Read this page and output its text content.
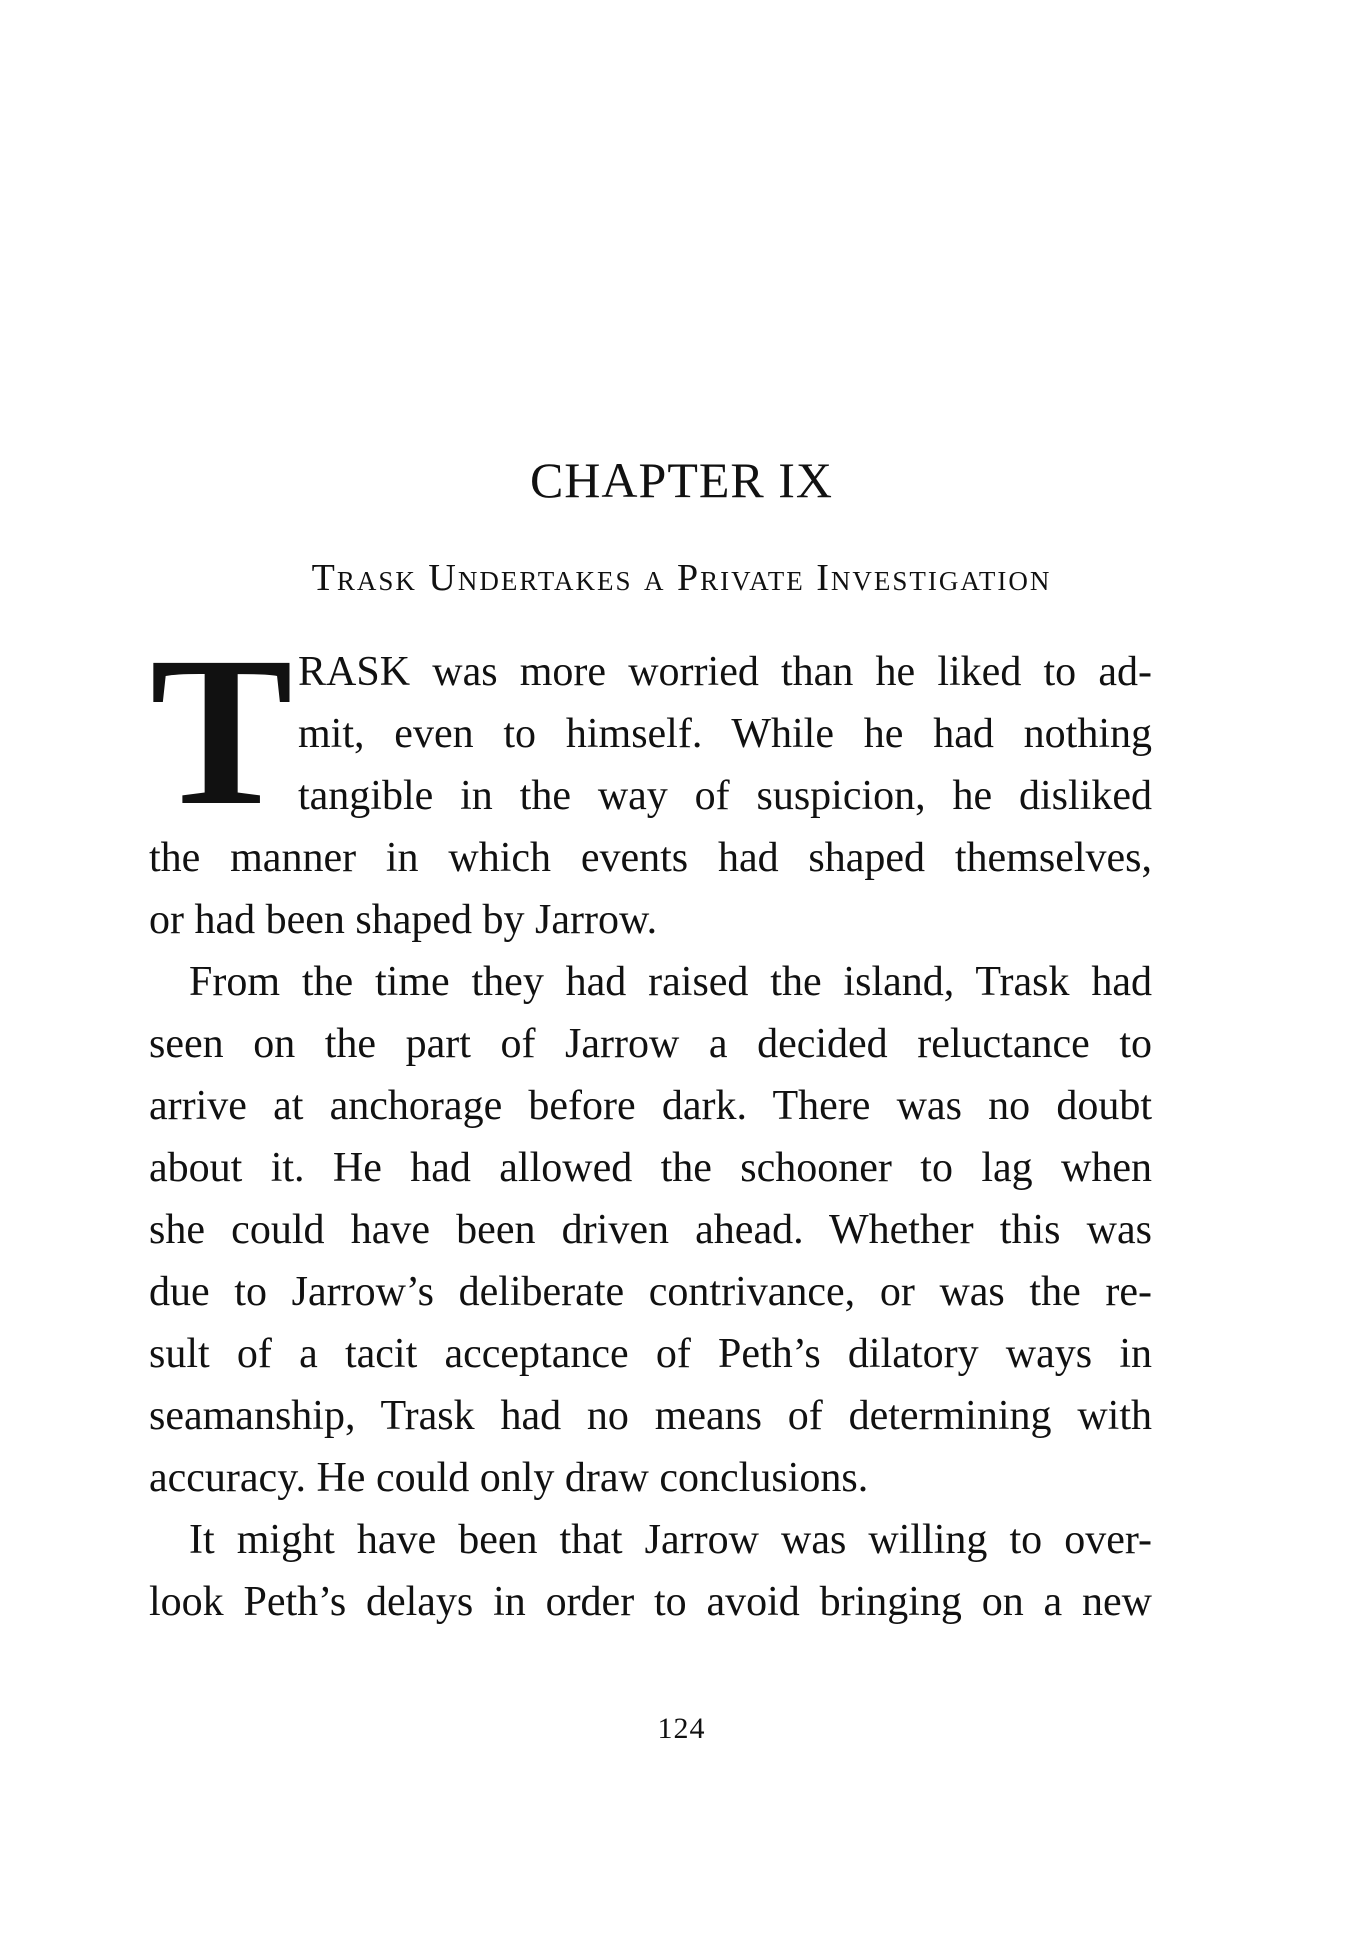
CHAPTER IX
Trask Undertakes a Private Investigation
T RASK was more worried than he liked to ad-
mit, even to himself. While he had nothing
tangible in the way of suspicion, he disliked
the manner in which events had shaped themselves,
or had been shaped by Jarrow.
From the time they had raised the island, Trask had
seen on the part of Jarrow a decided reluctance to
arrive at anchorage before dark. There was no doubt
about it. He had allowed the schooner to lag when
she could have been driven ahead. Whether this was
due to Jarrow’s deliberate contrivance, or was the re-
sult of a tacit acceptance of Peth’s dilatory ways in
seamanship, Trask had no means of determining with
accuracy. He could only draw conclusions.
It might have been that Jarrow was willing to over-
look Peth’s delays in order to avoid bringing on a new
124
